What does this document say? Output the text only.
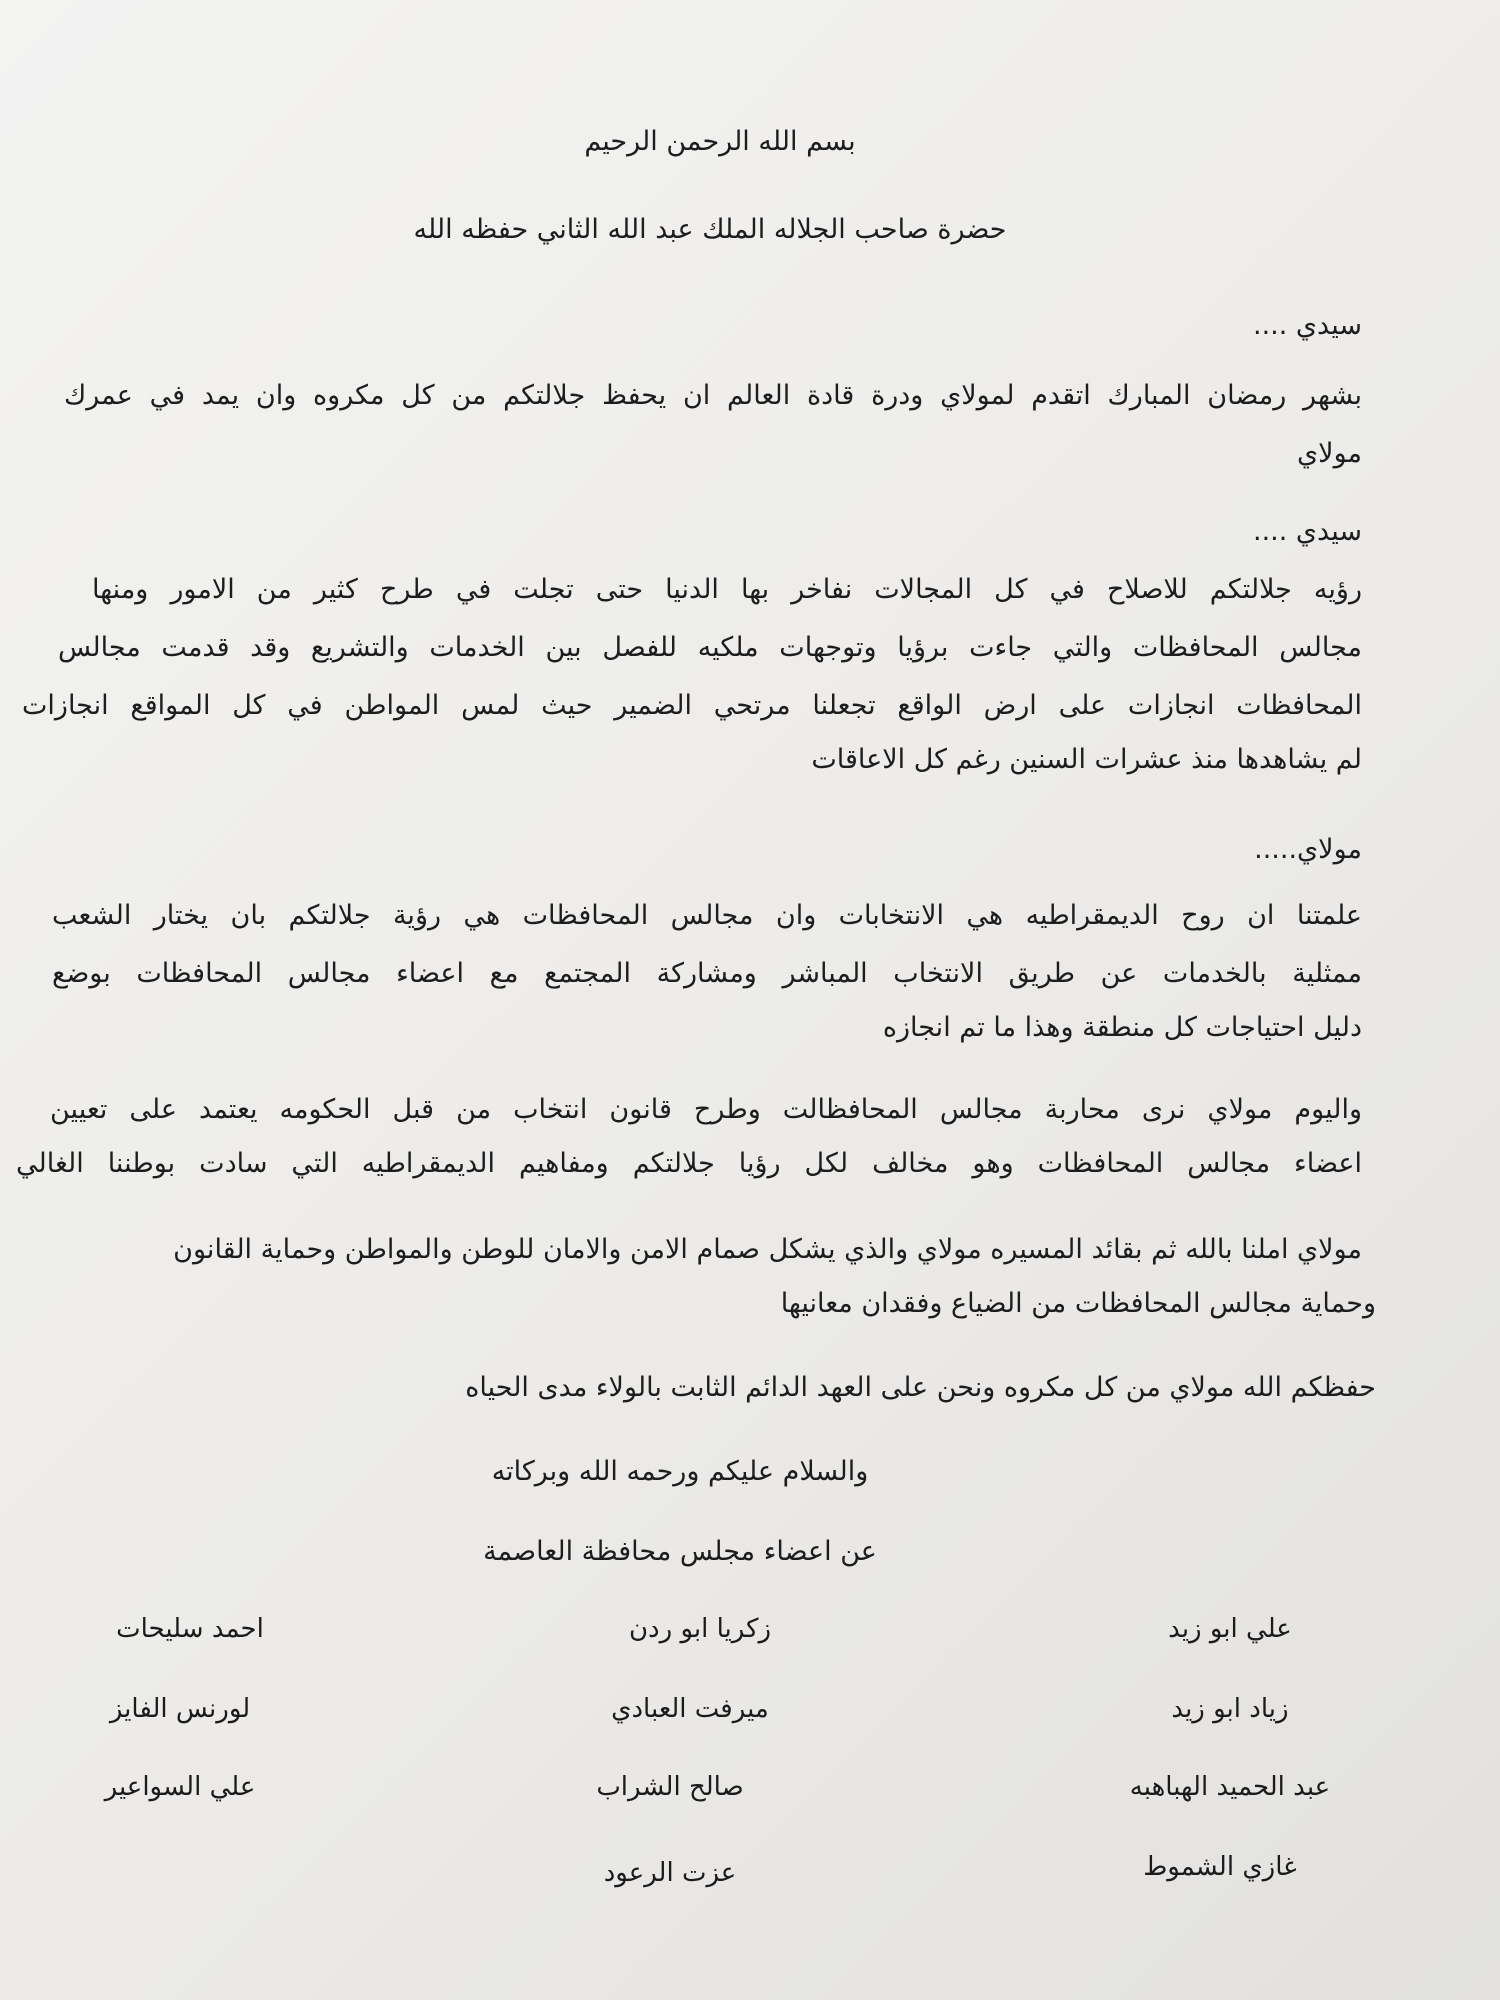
بسم الله الرحمن الرحيم
حضرة صاحب الجلاله الملك عبد الله الثاني حفظه الله
سيدي ....
بشهر رمضان المبارك اتقدم لمولاي ودرة قادة العالم ان يحفظ جلالتكم من كل مكروه وان يمد في عمرك
مولاي
سيدي ....
رؤيه جلالتكم للاصلاح في كل المجالات نفاخر بها الدنيا حتى تجلت في طرح كثير من الامور ومنها
مجالس المحافظات والتي جاءت برؤيا وتوجهات ملكيه للفصل بين الخدمات والتشريع وقد قدمت مجالس
المحافظات انجازات على ارض الواقع تجعلنا مرتحي الضمير حيث لمس المواطن في كل المواقع انجازات
لم يشاهدها منذ عشرات السنين رغم كل الاعاقات
مولاي.....
علمتنا ان روح الديمقراطيه هي الانتخابات وان مجالس المحافظات هي رؤية جلالتكم بان يختار الشعب
ممثلية بالخدمات عن طريق الانتخاب المباشر ومشاركة المجتمع مع اعضاء مجالس المحافظات بوضع
دليل احتياجات كل منطقة وهذا ما تم انجازه
واليوم مولاي نرى محاربة مجالس المحافظالت وطرح قانون انتخاب من قبل الحكومه يعتمد على تعيين
اعضاء مجالس المحافظات وهو مخالف لكل رؤيا جلالتكم ومفاهيم الديمقراطيه التي سادت بوطننا الغالي
مولاي املنا بالله ثم بقائد المسيره مولاي والذي يشكل صمام الامن والامان للوطن والمواطن وحماية القانون
وحماية مجالس المحافظات من الضياع وفقدان معانيها
حفظكم الله مولاي من كل مكروه ونحن على العهد الدائم الثابت بالولاء مدى الحياه
والسلام عليكم ورحمه الله وبركاته
عن اعضاء مجلس محافظة العاصمة
علي ابو زيد
زياد ابو زيد
عبد الحميد الهباهبه
غازي الشموط
زكريا ابو ردن
ميرفت العبادي
صالح الشراب
عزت الرعود
احمد سليحات
لورنس الفايز
علي السواعير
